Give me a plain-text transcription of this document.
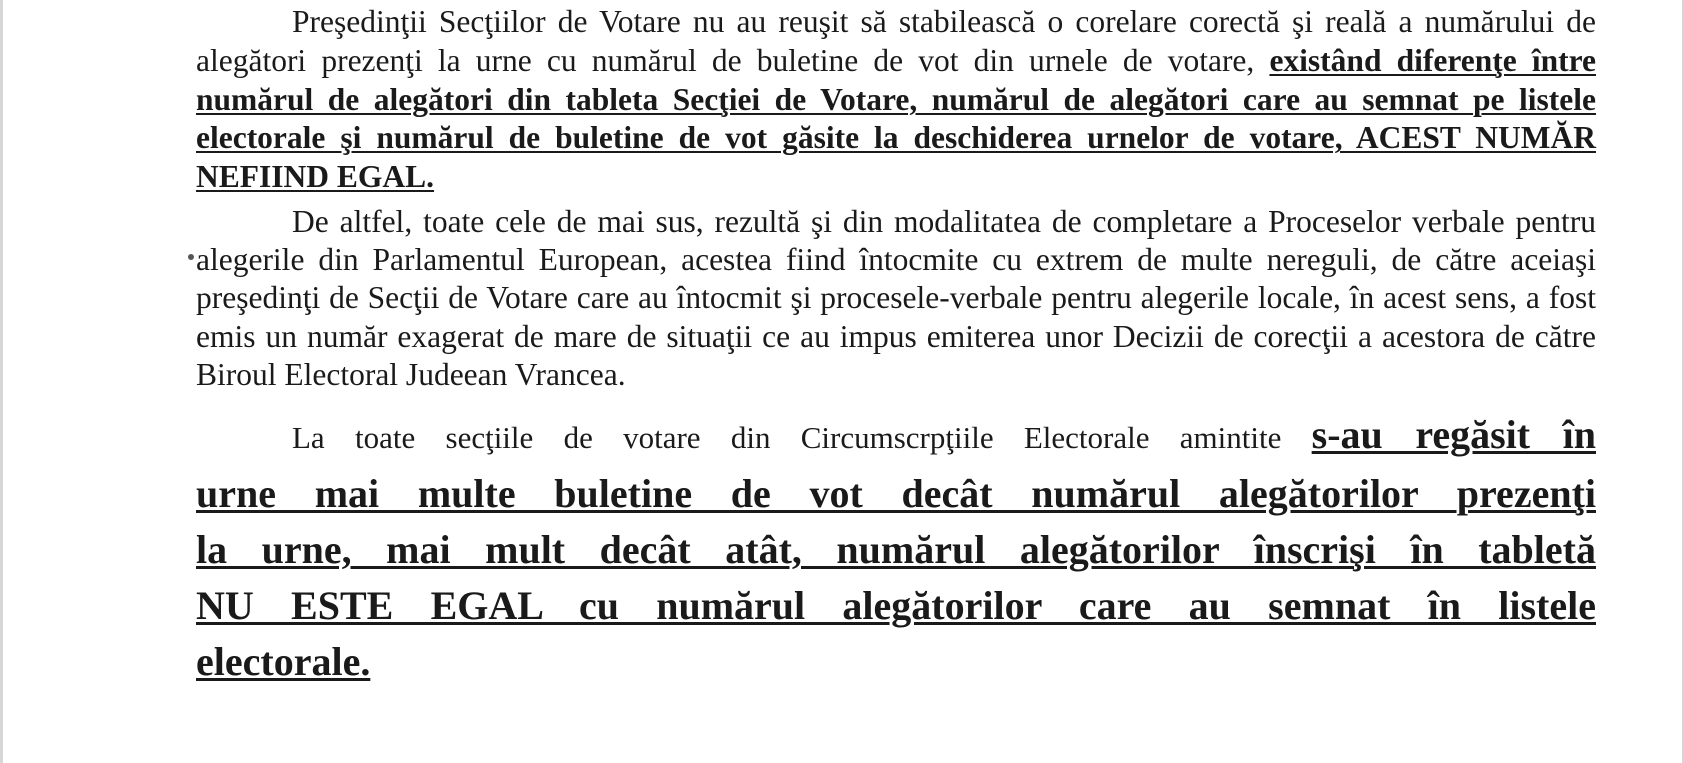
Preşedinţii Secţiilor de Votare nu au reuşit să stabilească o corelare corectă şi reală a numărului de alegători prezenţi la urne cu numărul de buletine de vot din urnele de votare, existând diferenţe între numărul de alegători din tableta Secţiei de Votare, numărul de alegători care au semnat pe listele electorale şi numărul de buletine de vot găsite la deschiderea urnelor de votare, ACEST NUMĂR NEFIIND EGAL.

De altfel, toate cele de mai sus, rezultă şi din modalitatea de completare a Proceselor verbale pentru alegerile din Parlamentul European, acestea fiind întocmite cu extrem de multe nereguli, de către aceiaşi preşedinţi de Secţii de Votare care au întocmit şi procesele-verbale pentru alegerile locale, în acest sens, a fost emis un număr exagerat de mare de situaţii ce au impus emiterea unor Decizii de corecţii a acestora de către Biroul Electoral Judeean Vrancea.

La toate secţiile de votare din Circumscrpţiile Electorale amintite s-au regăsit în
urne mai multe buletine de vot decât numărul alegătorilor prezenţi
la urne, mai mult decât atât, numărul alegătorilor înscrişi în tabletă
NU ESTE EGAL cu numărul alegătorilor care au semnat în listele
electorale.
